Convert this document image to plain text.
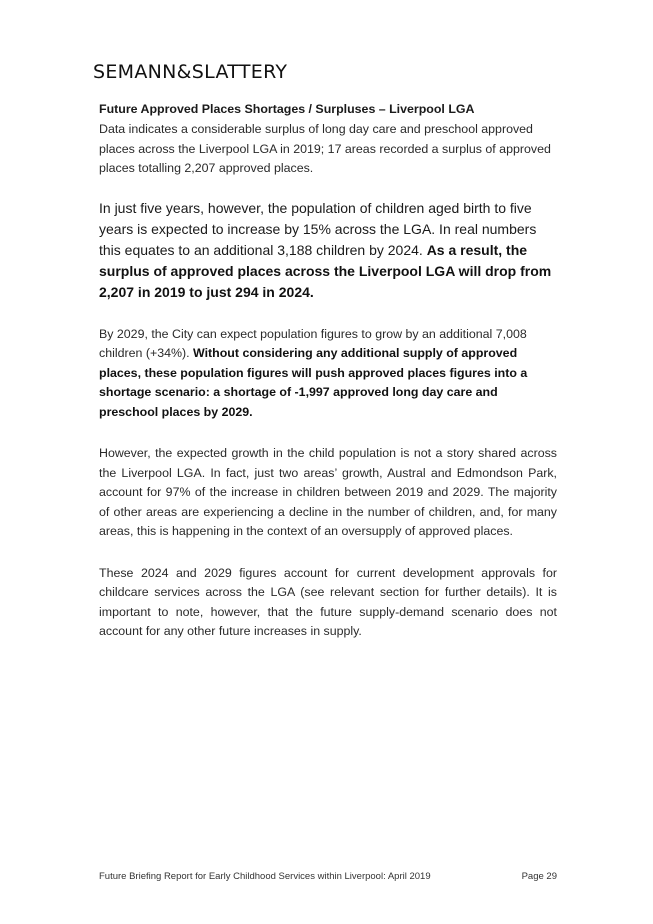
SEMANN&SLATTERY
Future Approved Places Shortages / Surpluses – Liverpool LGA

Data indicates a considerable surplus of long day care and preschool approved places across the Liverpool LGA in 2019; 17 areas recorded a surplus of approved places totalling 2,207 approved places.

In just five years, however, the population of children aged birth to five years is expected to increase by 15% across the LGA. In real numbers this equates to an additional 3,188 children by 2024. As a result, the surplus of approved places across the Liverpool LGA will drop from 2,207 in 2019 to just 294 in 2024.

By 2029, the City can expect population figures to grow by an additional 7,008 children (+34%). Without considering any additional supply of approved places, these population figures will push approved places figures into a shortage scenario: a shortage of -1,997 approved long day care and preschool places by 2029.

However, the expected growth in the child population is not a story shared across the Liverpool LGA. In fact, just two areas’ growth, Austral and Edmondson Park, account for 97% of the increase in children between 2019 and 2029. The majority of other areas are experiencing a decline in the number of children, and, for many areas, this is happening in the context of an oversupply of approved places.

These 2024 and 2029 figures account for current development approvals for childcare services across the LGA (see relevant section for further details). It is important to note, however, that the future supply-demand scenario does not account for any other future increases in supply.

Future Briefing Report for Early Childhood Services within Liverpool: April 2019	Page 29
